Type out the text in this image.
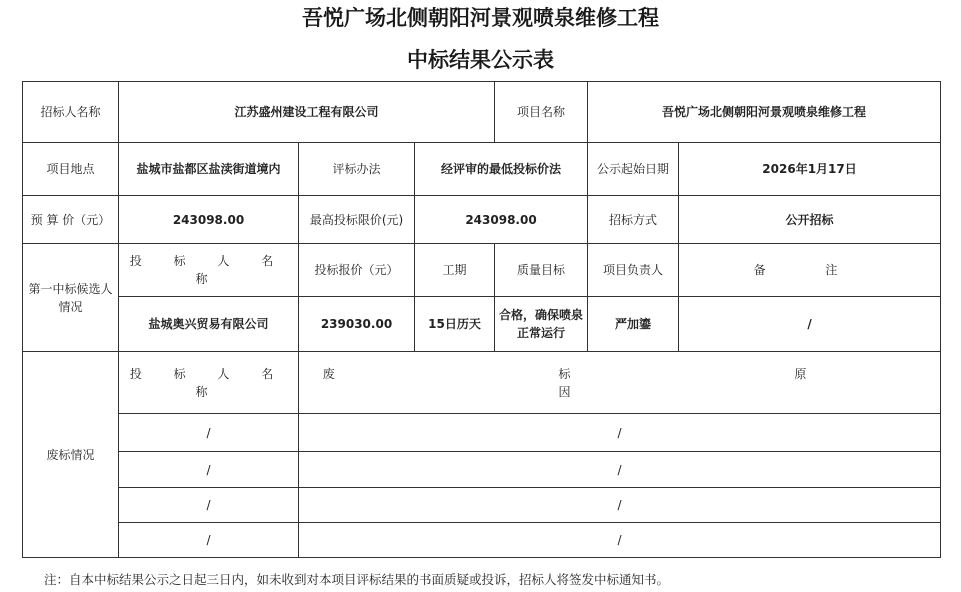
吾悦广场北侧朝阳河景观喷泉维修工程
中标结果公示表
招标人名称	江苏盛州建设工程有限公司			项目名称	吾悦广场北侧朝阳河景观喷泉维修工程	
项目地点	盐城市盐都区盐渎街道境内	评标办法	经评审的最低投标价法		公示起始日期	2026年1月17日
预 算 价（元）	243098.00	最高投标限价(元)	243098.00		招标方式	公开招标
第一中标候选人情况	投 标 人 名 称	投标报价（元）	工期	质量目标	项目负责人	备 注
	盐城奥兴贸易有限公司	239030.00	15日历天	合格，确保喷泉正常运行	严加鎏	/
废标情况	投 标 人 名 称	废 标 原 因				
	/	/				
	/	/				
	/	/				
	/	/				
注：自本中标结果公示之日起三日内，如未收到对本项目评标结果的书面质疑或投诉，招标人将签发中标通知书。
